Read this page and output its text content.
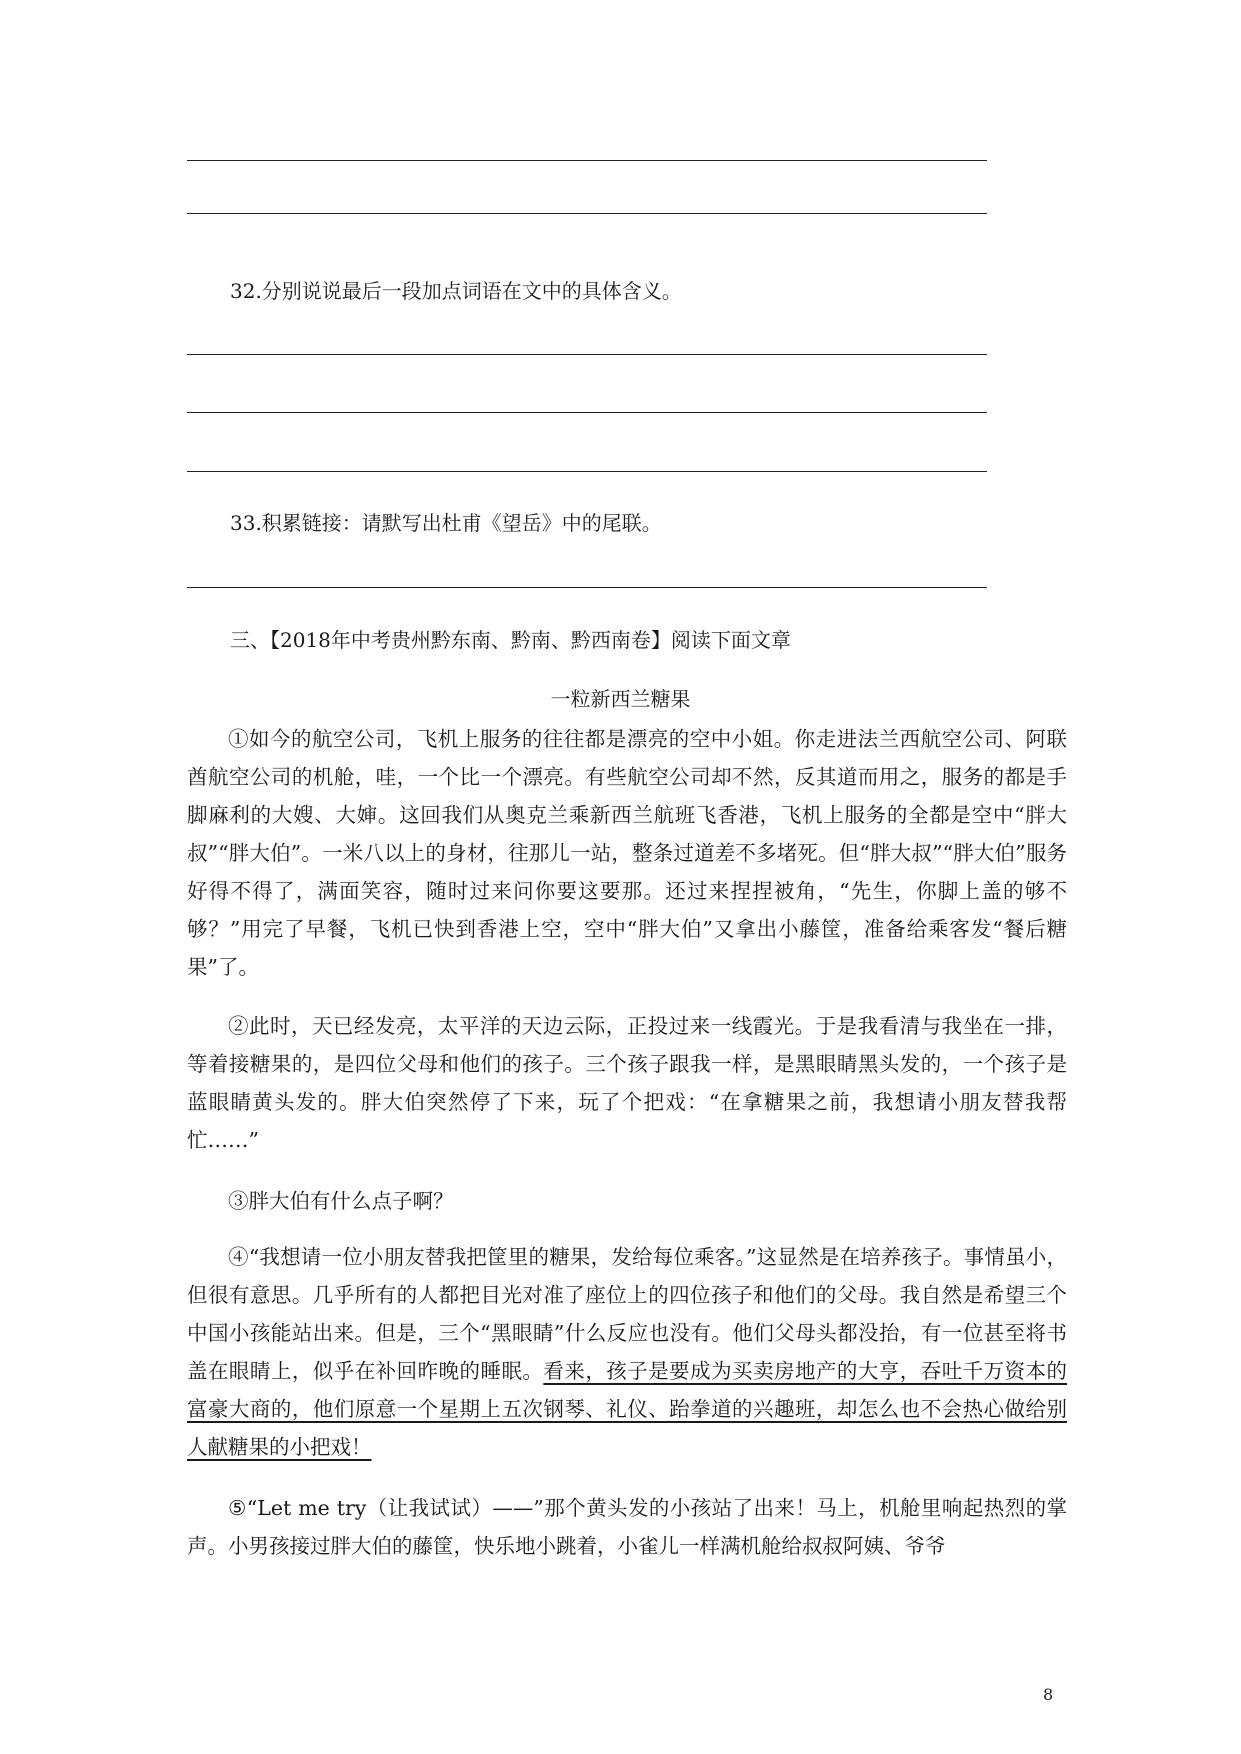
32.分别说说最后一段加点词语在文中的具体含义。
33.积累链接：请默写出杜甫《望岳》中的尾联。
三、【2018年中考贵州黔东南、黔南、黔西南卷】阅读下面文章
一粒新西兰糖果
①如今的航空公司，飞机上服务的往往都是漂亮的空中小姐。你走进法兰西航空公司、阿联酋航空公司的机舱，哇，一个比一个漂亮。有些航空公司却不然，反其道而用之，服务的都是手脚麻利的大嫂、大婶。这回我们从奥克兰乘新西兰航班飞香港，飞机上服务的全都是空中“胖大叔”“胖大伯”。一米八以上的身材，往那儿一站，整条过道差不多堵死。但“胖大叔”“胖大伯”服务好得不得了，满面笑容，随时过来问你要这要那。还过来捏捏被角，“先生，你脚上盖的够不够？”用完了早餐，飞机已快到香港上空，空中“胖大伯”又拿出小藤筐，准备给乘客发“餐后糖果”了。
②此时，天已经发亮，太平洋的天边云际，正投过来一线霞光。于是我看清与我坐在一排，等着接糖果的，是四位父母和他们的孩子。三个孩子跟我一样，是黑眼睛黑头发的，一个孩子是蓝眼睛黄头发的。胖大伯突然停了下来，玩了个把戏：“在拿糖果之前，我想请小朋友替我帮忙……”
③胖大伯有什么点子啊？
④“我想请一位小朋友替我把筐里的糖果，发给每位乘客。”这显然是在培养孩子。事情虽小，但很有意思。几乎所有的人都把目光对准了座位上的四位孩子和他们的父母。我自然是希望三个中国小孩能站出来。但是，三个“黑眼睛”什么反应也没有。他们父母头都没抬，有一位甚至将书盖在眼睛上，似乎在补回昨晚的睡眠。看来，孩子是要成为买卖房地产的大亨，吞吐千万资本的富豪大商的，他们原意一个星期上五次钢琴、礼仪、跆拳道的兴趣班，却怎么也不会热心做给别人献糖果的小把戏！
⑤“Let me try（让我试试）——”那个黄头发的小孩站了出来！马上，机舱里响起热烈的掌声。小男孩接过胖大伯的藤筐，快乐地小跳着，小雀儿一样满机舱给叔叔阿姨、爷爷
8
